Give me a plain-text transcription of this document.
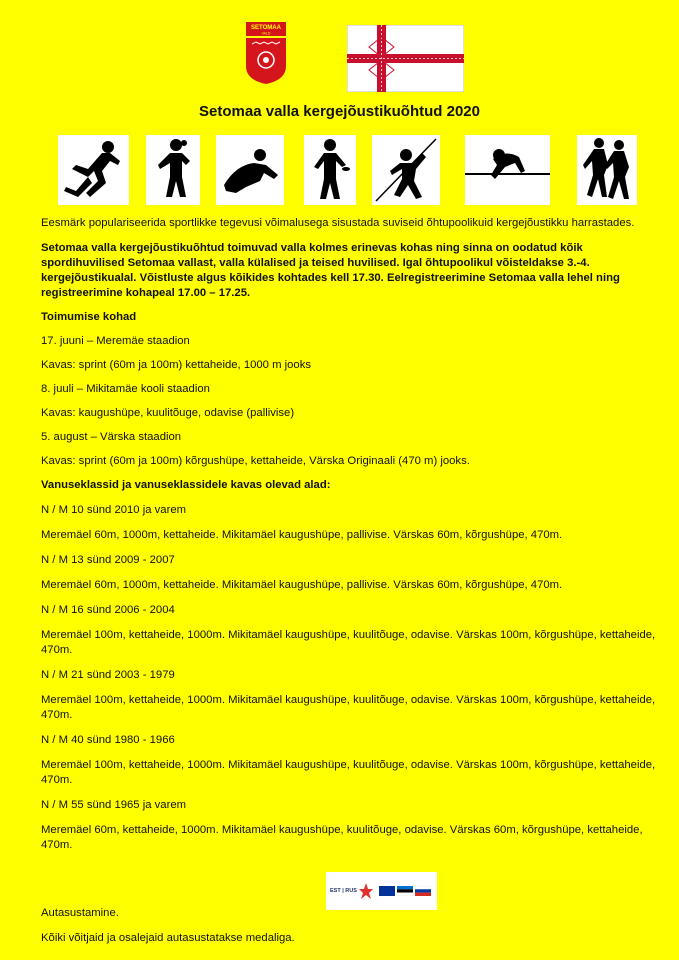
SETOMAA
VALD
Setomaa valla kergejõustikuõhtud 2020

Eesmärk populariseerida sportlikke tegevusi võimalusega sisustada suviseid õhtupoolikuid kergejõustikku harrastades.

Setomaa valla kergejõustikuõhtud toimuvad valla kolmes erinevas kohas ning sinna on oodatud kõik spordihuvilised Setomaa vallast, valla külalised ja teised huvilised. Igal õhtupoolikul võisteldakse 3.-4. kergejõustikualal. Võistluste algus kõikides kohtades kell 17.30. Eelregistreerimine Setomaa valla lehel ning registreerimine kohapeal 17.00 – 17.25.

Toimumise kohad

17. juuni – Meremäe staadion

Kavas: sprint (60m ja 100m) kettaheide, 1000 m jooks

8. juuli – Mikitamäe kooli staadion

Kavas: kaugushüpe, kuulitõuge, odavise (pallivise)

5. august – Värska staadion

Kavas: sprint (60m ja 100m) kõrgushüpe, kettaheide, Värska Originaali (470 m) jooks.

Vanuseklassid ja vanuseklassidele kavas olevad alad:

N / M 10 sünd 2010 ja varem

Meremäel 60m, 1000m, kettaheide. Mikitamäel kaugushüpe, pallivise. Värskas 60m, kõrgushüpe, 470m.

N / M 13 sünd 2009 - 2007

Meremäel 60m, 1000m, kettaheide. Mikitamäel kaugushüpe, pallivise. Värskas 60m, kõrgushüpe, 470m.

N / M 16 sünd 2006 - 2004

Meremäel 100m, kettaheide, 1000m. Mikitamäel kaugushüpe, kuulitõuge, odavise. Värskas 100m, kõrgushüpe, kettaheide, 470m.

N / M 21 sünd 2003 - 1979

Meremäel 100m, kettaheide, 1000m. Mikitamäel kaugushüpe, kuulitõuge, odavise. Värskas 100m, kõrgushüpe, kettaheide, 470m.

N / M 40 sünd 1980 - 1966

Meremäel 100m, kettaheide, 1000m. Mikitamäel kaugushüpe, kuulitõuge, odavise. Värskas 100m, kõrgushüpe, kettaheide, 470m.

N / M 55 sünd 1965 ja varem

Meremäel 60m, kettaheide, 1000m. Mikitamäel kaugushüpe, kuulitõuge, odavise. Värskas 60m, kõrgushüpe, kettaheide, 470m.

EST | RUS
Autasustamine.
Kõiki võitjaid ja osalejaid autasustatakse medaliga.
